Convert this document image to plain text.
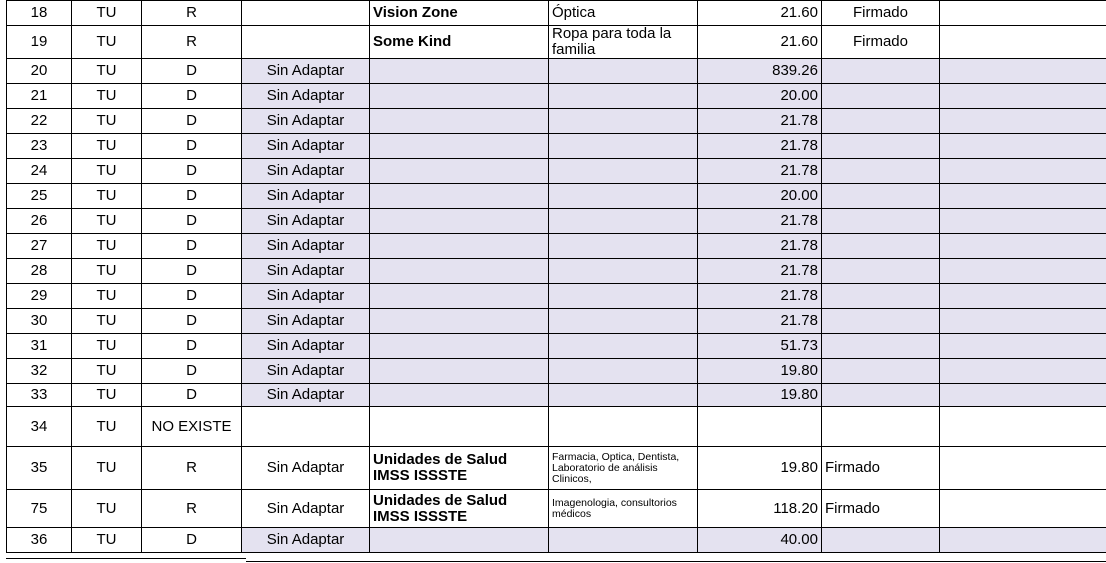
18	TU	R		Vision Zone	Óptica	21.60	Firmado	
19	TU	R		Some Kind	Ropa para toda la familia	21.60	Firmado	
20	TU	D	Sin Adaptar			839.26		
21	TU	D	Sin Adaptar			20.00		
22	TU	D	Sin Adaptar			21.78		
23	TU	D	Sin Adaptar			21.78		
24	TU	D	Sin Adaptar			21.78		
25	TU	D	Sin Adaptar			20.00		
26	TU	D	Sin Adaptar			21.78		
27	TU	D	Sin Adaptar			21.78		
28	TU	D	Sin Adaptar			21.78		
29	TU	D	Sin Adaptar			21.78		
30	TU	D	Sin Adaptar			21.78		
31	TU	D	Sin Adaptar			51.73		
32	TU	D	Sin Adaptar			19.80		
33	TU	D	Sin Adaptar			19.80		
34	TU	NO EXISTE						
35	TU	R	Sin Adaptar	Unidades de Salud IMSS ISSSTE	Farmacia, Optica, Dentista, Laboratorio de análisis Clinicos,	19.80	Firmado	
75	TU	R	Sin Adaptar	Unidades de Salud IMSS ISSSTE	Imagenologia, consultorios médicos	118.20	Firmado	
36	TU	D	Sin Adaptar			40.00		
